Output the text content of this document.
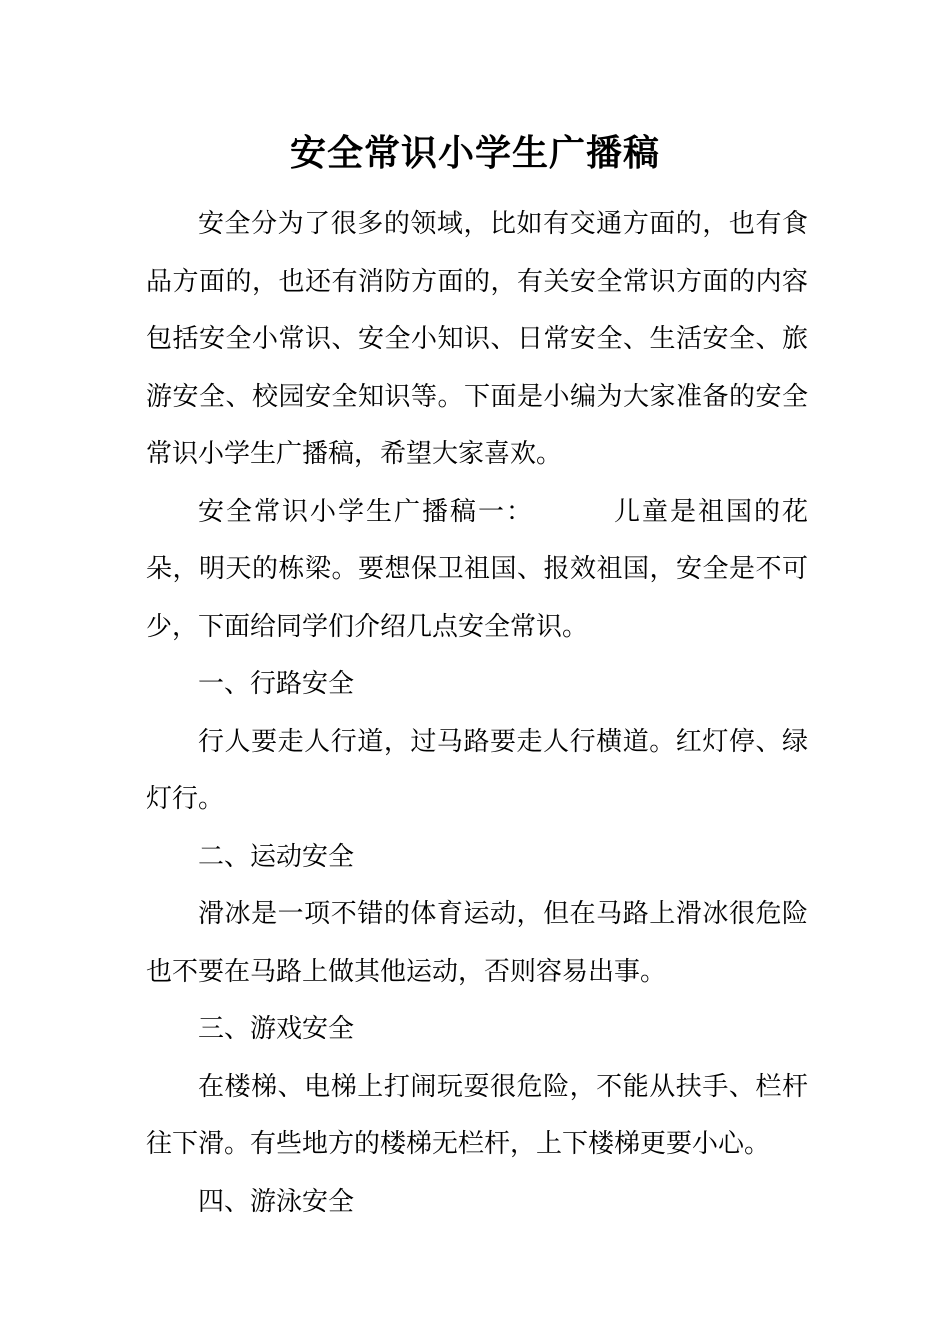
安全常识小学生广播稿

安全分为了很多的领域，比如有交通方面的，也有食品方面的，也还有消防方面的，有关安全常识方面的内容包括安全小常识、安全小知识、日常安全、生活安全、旅游安全、校园安全知识等。下面是小编为大家准备的安全常识小学生广播稿，希望大家喜欢。

安全常识小学生广播稿一：	儿童是祖国的花朵，明天的栋梁。要想保卫祖国、报效祖国，安全是不可少，下面给同学们介绍几点安全常识。

一、行路安全

行人要走人行道，过马路要走人行横道。红灯停、绿灯行。

二、运动安全

滑冰是一项不错的体育运动，但在马路上滑冰很危险也不要在马路上做其他运动，否则容易出事。

三、游戏安全

在楼梯、电梯上打闹玩耍很危险，不能从扶手、栏杆往下滑。有些地方的楼梯无栏杆，上下楼梯更要小心。

四、游泳安全
